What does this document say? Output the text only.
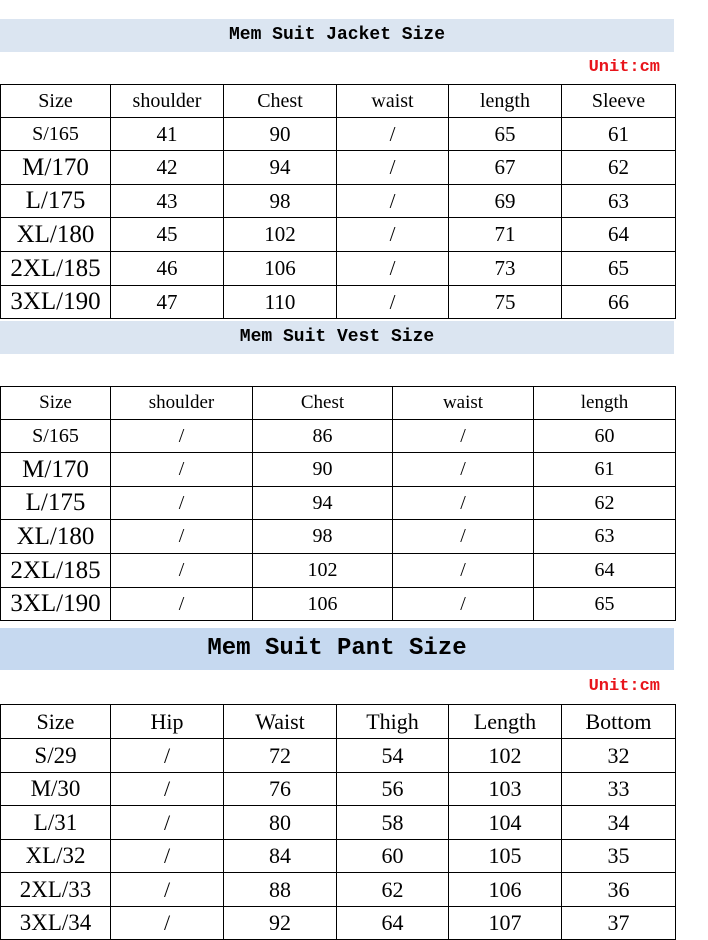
Mem Suit Jacket Size
Unit:cm
Size	shoulder	Chest	waist	length	Sleeve
S/165	41	90	/	65	61
M/170	42	94	/	67	62
L/175	43	98	/	69	63
XL/180	45	102	/	71	64
2XL/185	46	106	/	73	65
3XL/190	47	110	/	75	66
Mem Suit Vest Size
Size	shoulder	Chest	waist	length
S/165	/	86	/	60
M/170	/	90	/	61
L/175	/	94	/	62
XL/180	/	98	/	63
2XL/185	/	102	/	64
3XL/190	/	106	/	65
Mem Suit Pant Size
Unit:cm
Size	Hip	Waist	Thigh	Length	Bottom
S/29	/	72	54	102	32
M/30	/	76	56	103	33
L/31	/	80	58	104	34
XL/32	/	84	60	105	35
2XL/33	/	88	62	106	36
3XL/34	/	92	64	107	37
